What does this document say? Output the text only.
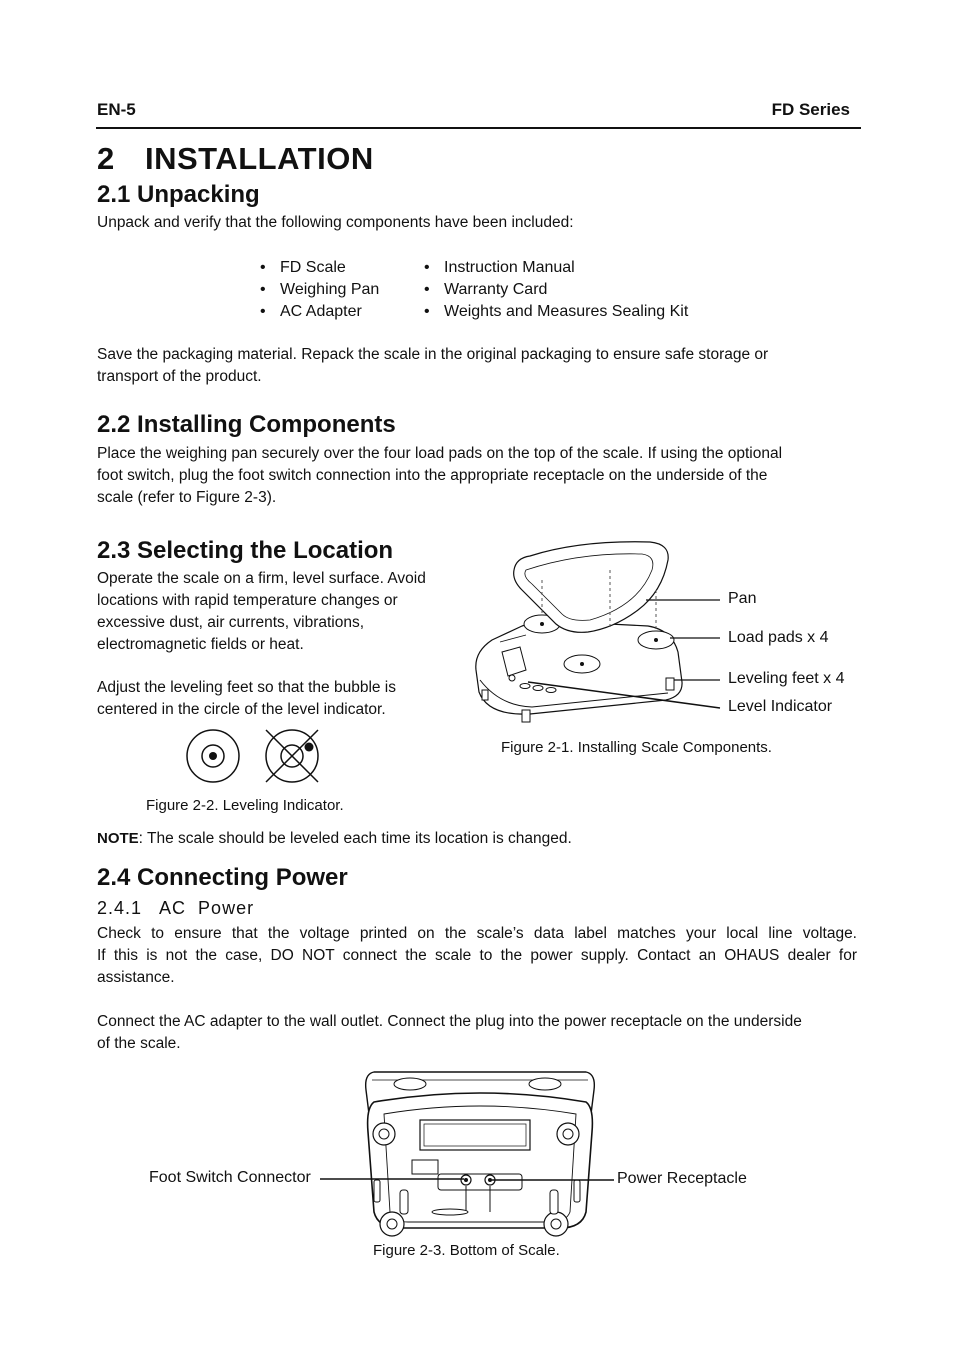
EN-5	FD Series
2 INSTALLATION
2.1 Unpacking
Unpack and verify that the following components have been included:
• FD Scale
• Weighing Pan
• AC Adapter
• Instruction Manual
• Warranty Card
• Weights and Measures Sealing Kit
Save the packaging material. Repack the scale in the original packaging to ensure safe storage or
transport of the product.
2.2 Installing Components
Place the weighing pan securely over the four load pads on the top of the scale. If using the optional
foot switch, plug the foot switch connection into the appropriate receptacle on the underside of the
scale (refer to Figure 2-3).
2.3 Selecting the Location
Operate the scale on a firm, level surface. Avoid
locations with rapid temperature changes or
excessive dust, air currents, vibrations,
electromagnetic fields or heat.
Adjust the leveling feet so that the bubble is
centered in the circle of the level indicator.
Figure 2-2. Leveling Indicator.
Pan
Load pads x 4
Leveling feet x 4
Level Indicator
Figure 2-1. Installing Scale Components.
NOTE: The scale should be leveled each time its location is changed.
2.4 Connecting Power
2.4.1   AC  Power
Check to ensure that the voltage printed on the scale’s data label matches your local line voltage.
If this is not the case, DO NOT connect the scale to the power supply. Contact an OHAUS dealer for
assistance.
Connect the AC adapter to the wall outlet. Connect the plug into the power receptacle on the underside
of the scale.
Foot Switch Connector	Power Receptacle
Figure 2-3. Bottom of Scale.
